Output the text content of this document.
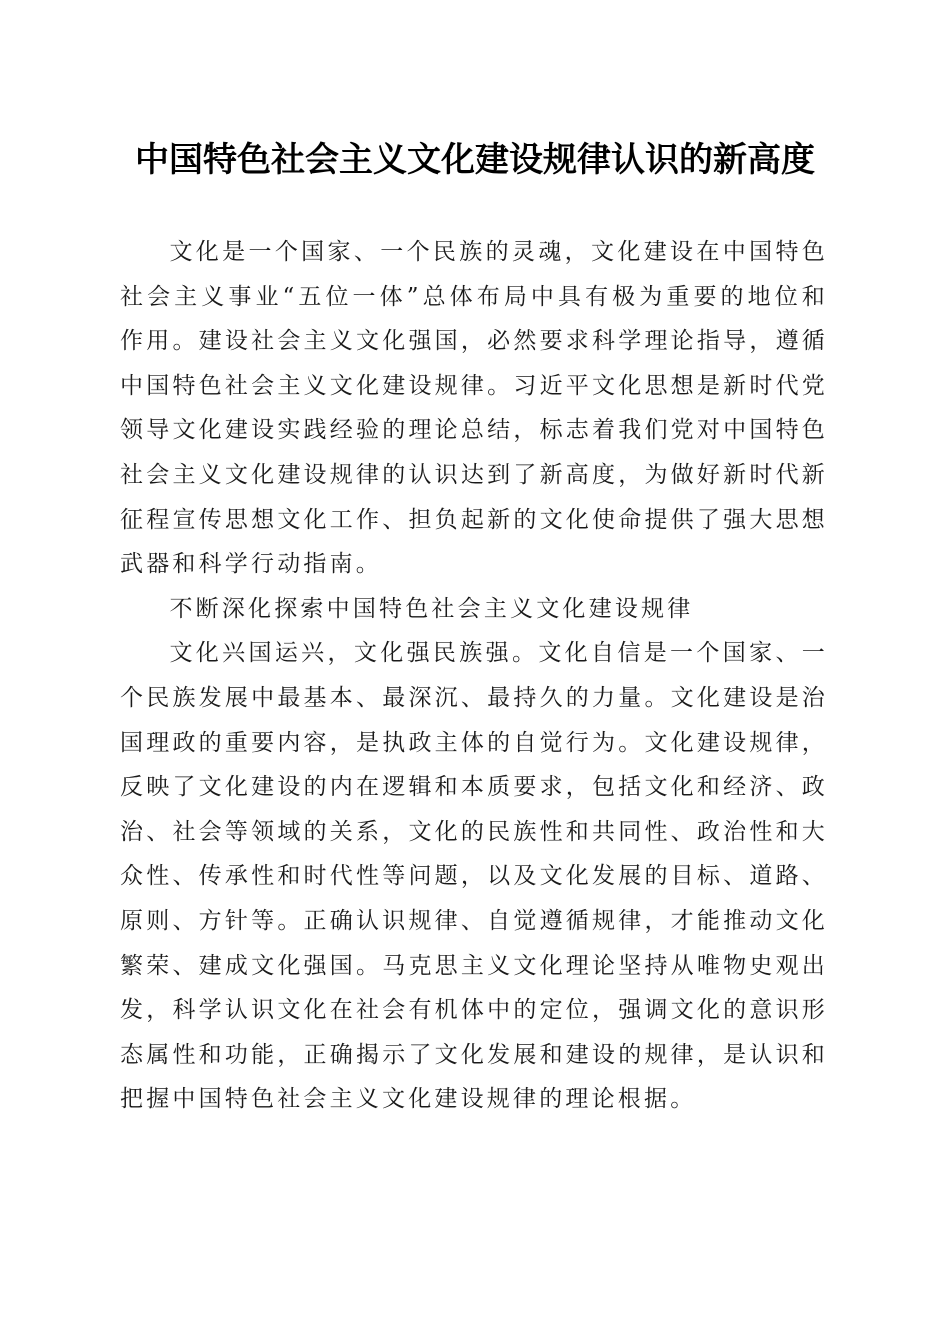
中国特色社会主义文化建设规律认识的新高度

文化是一个国家、一个民族的灵魂，文化建设在中国特色社会主义事业“五位一体”总体布局中具有极为重要的地位和作用。建设社会主义文化强国，必然要求科学理论指导，遵循中国特色社会主义文化建设规律。习近平文化思想是新时代党领导文化建设实践经验的理论总结，标志着我们党对中国特色社会主义文化建设规律的认识达到了新高度，为做好新时代新征程宣传思想文化工作、担负起新的文化使命提供了强大思想武器和科学行动指南。

不断深化探索中国特色社会主义文化建设规律

文化兴国运兴，文化强民族强。文化自信是一个国家、一个民族发展中最基本、最深沉、最持久的力量。文化建设是治国理政的重要内容，是执政主体的自觉行为。文化建设规律，反映了文化建设的内在逻辑和本质要求，包括文化和经济、政治、社会等领域的关系，文化的民族性和共同性、政治性和大众性、传承性和时代性等问题，以及文化发展的目标、道路、原则、方针等。正确认识规律、自觉遵循规律，才能推动文化繁荣、建成文化强国。马克思主义文化理论坚持从唯物史观出发，科学认识文化在社会有机体中的定位，强调文化的意识形态属性和功能，正确揭示了文化发展和建设的规律，是认识和把握中国特色社会主义文化建设规律的理论根据。
